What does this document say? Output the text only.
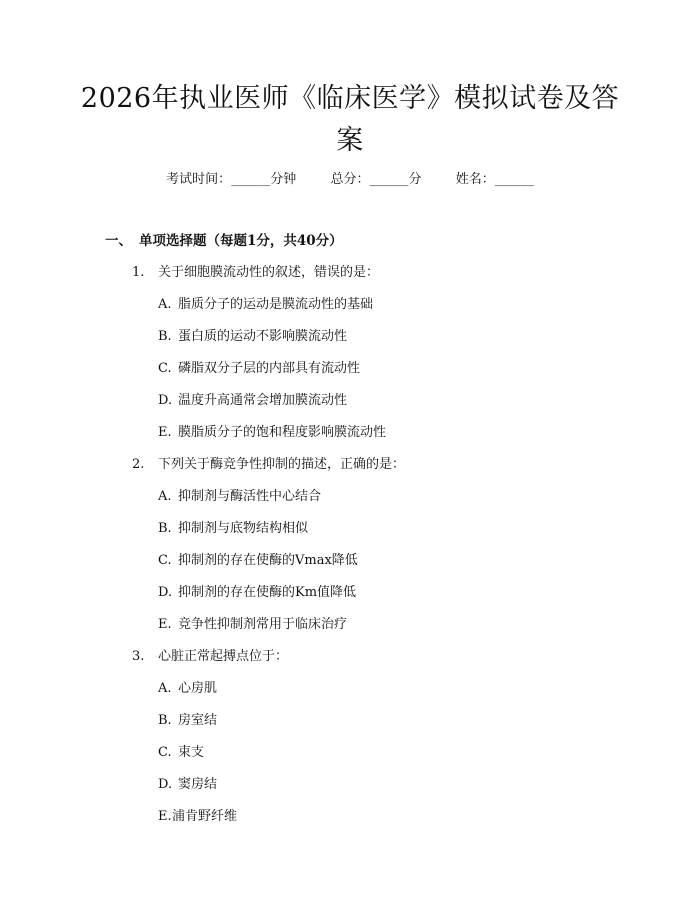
2026年执业医师《临床医学》模拟试卷及答案
考试时间：______分钟	总分：______分	姓名：______
一、 单项选择题（每题1分，共40分）
1. 关于细胞膜流动性的叙述，错误的是：
A. 脂质分子的运动是膜流动性的基础
B. 蛋白质的运动不影响膜流动性
C. 磷脂双分子层的内部具有流动性
D. 温度升高通常会增加膜流动性
E. 膜脂质分子的饱和程度影响膜流动性
2. 下列关于酶竞争性抑制的描述，正确的是：
A. 抑制剂与酶活性中心结合
B. 抑制剂与底物结构相似
C. 抑制剂的存在使酶的Vmax降低
D. 抑制剂的存在使酶的Km值降低
E. 竞争性抑制剂常用于临床治疗
3. 心脏正常起搏点位于：
A. 心房肌
B. 房室结
C. 束支
D. 窦房结
E.浦肯野纤维
